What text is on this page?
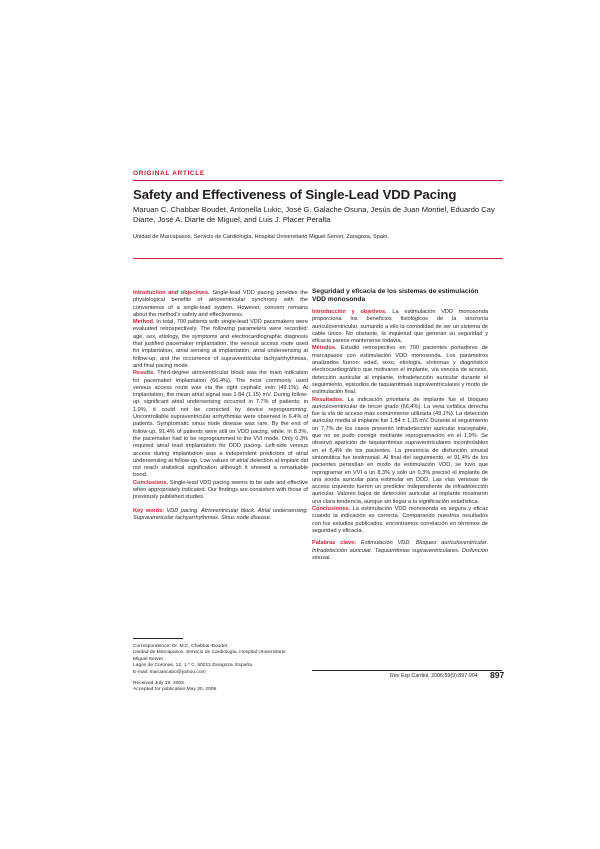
ORIGINAL ARTICLE
Safety and Effectiveness of Single-Lead VDD Pacing
Maruan C. Chabbar Boudet, Antonella Lukic, José G. Galache Osuna, Jesús de Juan Montiel, Eduardo Cay Diarte, José A. Diarte de Miguel, and Luis J. Placer Peralta
Unidad de Marcapasos, Servicio de Cardiología, Hospital Universitario Miguel Servet, Zaragoza, Spain.

Introduction and objectives. Single-lead VDD pacing provides the physiological benefits of atrioventricular synchrony with the convenience of a single-lead system. However, concern remains about the method's safety and effectiveness.
Method. In total, 700 patients with single-lead VDD pacemakers were evaluated retrospectively. The following parameters were recorded: age, sex, etiology, the symptoms and electrocardiographic diagnosis that justified pacemaker implantation, the venous access route used for implantation, atrial sensing at implantation, atrial undersensing at follow-up, and the occurrence of supraventricular tachyarrhythmias, and final pacing mode.
Results. Third-degree atrioventricular block was the main indication for pacemaker implantation (66.4%). The most commonly used venous access route was via the right cephalic vein (49.1%). At implantation, the mean atrial signal was 1.84 (1.15) mV. During follow-up, significant atrial undersensing occurred in 7.7% of patients; in 1.9%, it could not be corrected by device reprogramming. Uncontrollable supraventricular arrhythmias were observed in 6.4% of patients. Symptomatic sinus node disease was rare. By the end of follow-up, 91.4% of patients were still on VDD pacing, while, in 8.3%, the pacemaker had to be reprogrammed to the VVI mode. Only 0.3% required atrial lead implantation for DDD pacing. Left-side venous access during implantation was a independent predictors of atrial undersensing at follow-up. Low values of atrial detection at implant did not reach statistical signification although it showed a remarkable trend.
Conclusions. Single-lead VDD pacing seems to be safe and effective when appropriately indicated. Our findings are consistent with those of previously published studies.

Key words: VDD pacing. Atrioventricular block. Atrial undersensing. Supraventricular tachyarrhythmias. Sinus node disease.

Seguridad y eficacia de los sistemas de estimulación VDD monosonda

Introducción y objetivos. La estimulación VDD monosonda proporciona los beneficios fisiológicos de la sincronía auriculoventricular, sumando a ello la comodidad de ser un sistema de cable único. No obstante, la inquietud que generan su seguridad y eficacia parece mantenerse todavía.
Métodos. Estudio retrospectivo en 700 pacientes portadores de marcapasos con estimulación VDD monosonda. Los parámetros analizados fueron: edad, sexo, etiología, síntomas y diagnóstico electrocardiográfico que motivaron el implante, vía venosa de acceso, detección auricular al implante, infradetección auricular durante el seguimiento, episodios de taquiarritmias supraventriculares y modo de estimulación final.
Resultados. La indicación prioritaria de implante fue el bloqueo auriculoventricular de tercer grado (66,4%). La vena cefálica derecha fue la vía de acceso más comúnmente utilizada (49,1%). La detección auricular media al implante fue 1,84 ± 1,15 mV. Durante el seguimiento un 7,7% de los casos presentó infradetección auricular inaceptable, que no se pudo corregir mediante reprogramación en el 1,9%. Se observó aparición de taquiarritmias supraventriculares incontrolables en el 6,4% de los pacientes. La presencia de disfunción sinusal sintomática fue testimonial. Al final del seguimiento, el 91,4% de los pacientes persistían en modo de estimulación VDD, se tuvo que reprogramar en VVI a un 8,3% y sólo un 0,3% precisó el implante de una sonda auricular para estimular en DDD. Las vías venosas de acceso izquierdo fueron un predictor independiente de infradetección auricular. Valores bajos de detección auricular al implante mostraron una clara tendencia, aunque sin llegar a la significación estadística.
Conclusiones. La estimulación VDD monosonda es segura y eficaz cuando la indicación es correcta. Comparando nuestros resultados con los estudios publicados, encontramos correlación en términos de seguridad y eficacia.

Palabras clave: Estimulación VDD. Bloqueo auriculoventricular. Infradetección auricular. Taquiarritmias supraventriculares. Disfunción sinusal.

Correspondence: Dr. M.C. Chabbar-Boudet.
Unidad de Marcapasos. Servicio de Cardiología. Hospital Universitario
Miguel Servet.
Lagos de Coronas, 12, 1.º C. 50011 Zaragoza. España.
E-mail: maruancabo@yahoo.com
Received July 19, 2005.
Accepted for publication May 30, 2006.
Rev Esp Cardiol. 2006;59(9):897-904 897
